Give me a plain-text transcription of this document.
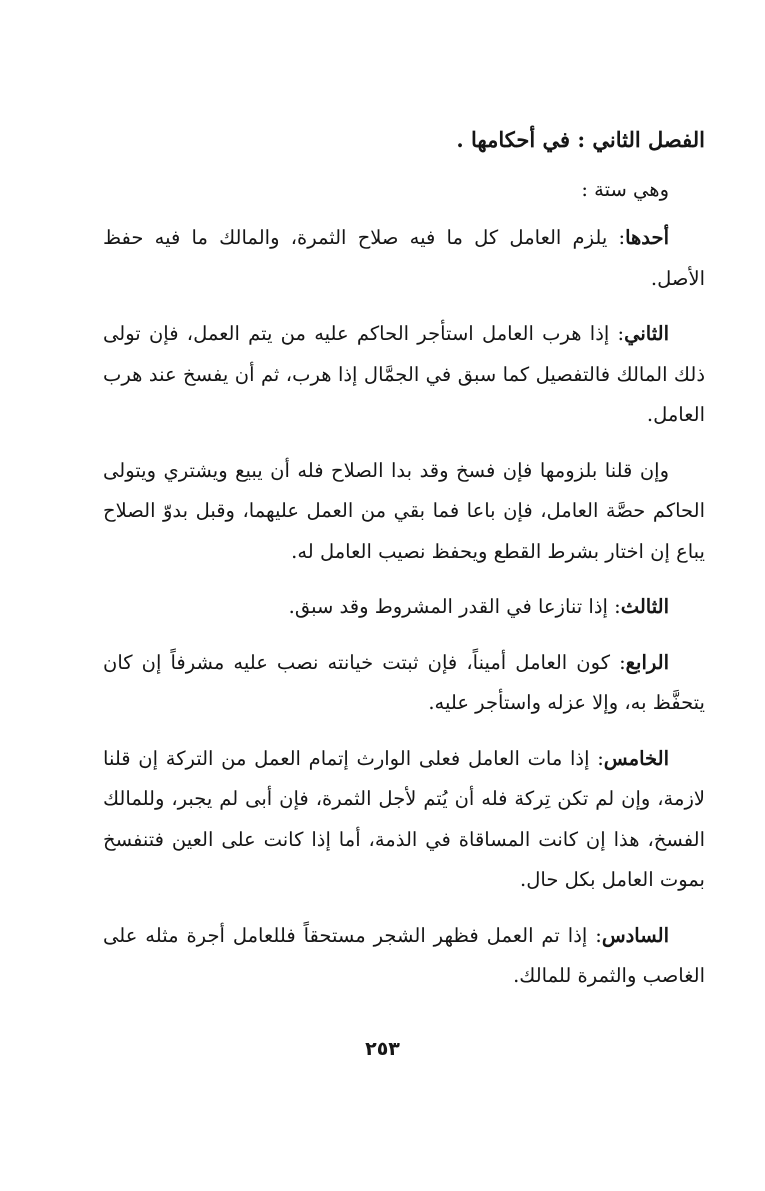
الفصل الثاني : في أحكامها .
وهي ستة :

أحدها: يلزم العامل كل ما فيه صلاح الثمرة، والمالك ما فيه حفظ الأصل.

الثاني: إذا هرب العامل استأجر الحاكم عليه من يتم العمل، فإن تولى ذلك المالك فالتفصيل كما سبق في الجمَّال إذا هرب، ثم أن يفسخ عند هرب العامل.

وإن قلنا بلزومها فإن فسخ وقد بدا الصلاح فله أن يبيع ويشتري ويتولى الحاكم حصَّة العامل، فإن باعا فما بقي من العمل عليهما، وقبل بدوّ الصلاح يباع إن اختار بشرط القطع ويحفظ نصيب العامل له.

الثالث: إذا تنازعا في القدر المشروط وقد سبق.

الرابع: كون العامل أميناً، فإن ثبتت خيانته نصب عليه مشرفاً إن كان يتحفَّظ به، وإلا عزله واستأجر عليه.

الخامس: إذا مات العامل فعلى الوارث إتمام العمل من التركة إن قلنا لازمة، وإن لم تكن تِركة فله أن يُتم لأجل الثمرة، فإن أبى لم يجبر، وللمالك الفسخ، هذا إن كانت المساقاة في الذمة، أما إذا كانت على العين فتنفسخ بموت العامل بكل حال.

السادس: إذا تم العمل فظهر الشجر مستحقاً فللعامل أجرة مثله على الغاصب والثمرة للمالك.

٢٥٣
